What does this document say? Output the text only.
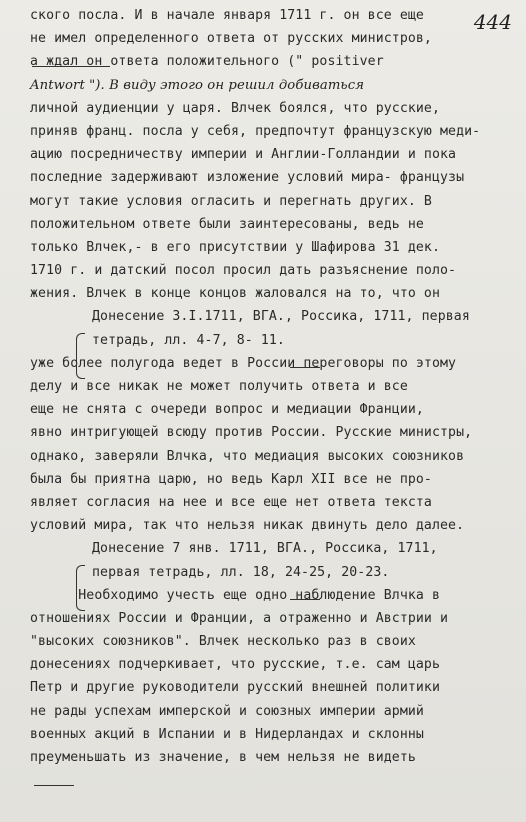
444
ского посла. И в начале января 1711 г. он все еще
не имел определенного ответа от русских министров,
а ждал он ответа положительного (" positiver
Antwort "). В виду этого он решил добиваться
личной аудиенции у царя. Влчек боялся, что русские,
приняв франц. посла у себя, предпочтут французскую меди-
ацию посредничеству империи и Англии-Голландии и пока
последние задерживают изложение условий мира- французы
могут такие условия огласить и перегнать других. В
положительном ответе были заинтересованы, ведь не
только Влчек,- в его присутствии у Шафирова 31 дек.
1710 г. и датский посол просил дать разъяснение поло-
жения. Влчек в конце концов жаловался на то, что он
Донесение 3.I.1711, ВГА., Россика, 1711, первая
тетрадь, лл. 4-7, 8- 11.
уже более полугода ведет в России переговоры по этому
делу и все никак не может получить ответа и все
еще не снята с очереди вопрос и медиации Франции,
явно интригующей всюду против России. Русские министры,
однако, заверяли Влчка, что медиация высоких союзников
была бы приятна царю, но ведь Карл XII все не про-
являет согласия на нее и все еще нет ответа текста
условий мира, так что нельзя никак двинуть дело далее.
Донесение 7 янв. 1711, ВГА., Россика, 1711,
первая тетрадь, лл. 18, 24-25, 20-23.
Необходимо учесть еще одно наблюдение Влчка в
отношениях России и Франции, а отраженно и Австрии и
"высоких союзников". Влчек несколько раз в своих
донесениях подчеркивает, что русские, т.е. сам царь
Петр и другие руководители русский внешней политики
не рады успехам имперской и союзных империи армий
военных акций в Испании и в Нидерландах и склонны
преуменьшать из значение, в чем нельзя не видеть
